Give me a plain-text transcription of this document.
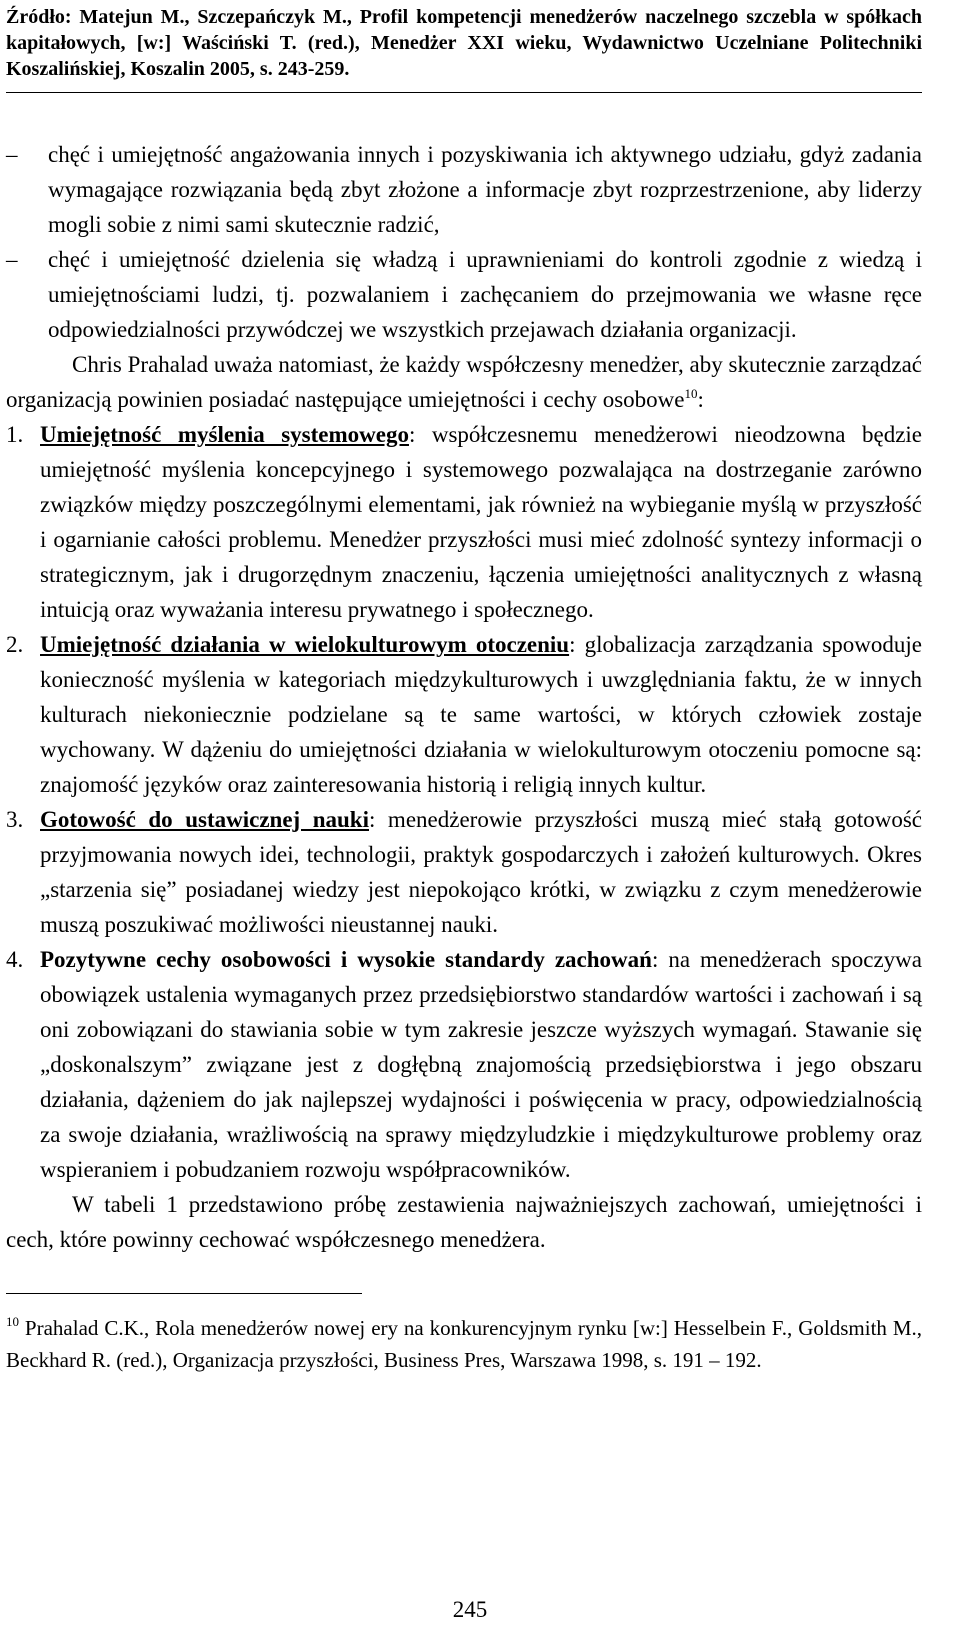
Źródło: Matejun M., Szczepańczyk M., Profil kompetencji menedżerów naczelnego szczebla w spółkach kapitałowych, [w:] Waściński T. (red.), Menedżer XXI wieku, Wydawnictwo Uczelniane Politechniki Koszalińskiej, Koszalin 2005, s. 243-259.
– chęć i umiejętność angażowania innych i pozyskiwania ich aktywnego udziału, gdyż zadania wymagające rozwiązania będą zbyt złożone a informacje zbyt rozprzestrzenione, aby liderzy mogli sobie z nimi sami skutecznie radzić,
– chęć i umiejętność dzielenia się władzą i uprawnieniami do kontroli zgodnie z wiedzą i umiejętnościami ludzi, tj. pozwalaniem i zachęcaniem do przejmowania we własne ręce odpowiedzialności przywódczej we wszystkich przejawach działania organizacji.

Chris Prahalad uważa natomiast, że każdy współczesny menedżer, aby skutecznie zarządzać organizacją powinien posiadać następujące umiejętności i cechy osobowe$^{10}$:

1. Umiejętność myślenia systemowego: współczesnemu menedżerowi nieodzowna będzie umiejętność myślenia koncepcyjnego i systemowego pozwalająca na dostrzeganie zarówno związków między poszczególnymi elementami, jak również na wybieganie myślą w przyszłość i ogarnianie całości problemu. Menedżer przyszłości musi mieć zdolność syntezy informacji o strategicznym, jak i drugorzędnym znaczeniu, łączenia umiejętności analitycznych z własną intuicją oraz wyważania interesu prywatnego i społecznego.
2. Umiejętność działania w wielokulturowym otoczeniu: globalizacja zarządzania spowoduje konieczność myślenia w kategoriach międzykulturowych i uwzględniania faktu, że w innych kulturach niekoniecznie podzielane są te same wartości, w których człowiek zostaje wychowany. W dążeniu do umiejętności działania w wielokulturowym otoczeniu pomocne są: znajomość języków oraz zainteresowania historią i religią innych kultur.
3. Gotowość do ustawicznej nauki: menedżerowie przyszłości muszą mieć stałą gotowość przyjmowania nowych idei, technologii, praktyk gospodarczych i założeń kulturowych. Okres „starzenia się” posiadanej wiedzy jest niepokojąco krótki, w związku z czym menedżerowie muszą poszukiwać możliwości nieustannej nauki.
4. Pozytywne cechy osobowości i wysokie standardy zachowań: na menedżerach spoczywa obowiązek ustalenia wymaganych przez przedsiębiorstwo standardów wartości i zachowań i są oni zobowiązani do stawiania sobie w tym zakresie jeszcze wyższych wymagań. Stawanie się „doskonalszym” związane jest z dogłębną znajomością przedsiębiorstwa i jego obszaru działania, dążeniem do jak najlepszej wydajności i poświęcenia w pracy, odpowiedzialnością za swoje działania, wrażliwością na sprawy międzyludzkie i międzykulturowe problemy oraz wspieraniem i pobudzaniem rozwoju współpracowników.

W tabeli 1 przedstawiono próbę zestawienia najważniejszych zachowań, umiejętności i cech, które powinny cechować współczesnego menedżera.

$^{10}$ Prahalad C.K., Rola menedżerów nowej ery na konkurencyjnym rynku [w:] Hesselbein F., Goldsmith M., Beckhard R. (red.), Organizacja przyszłości, Business Pres, Warszawa 1998, s. 191 – 192.
245
